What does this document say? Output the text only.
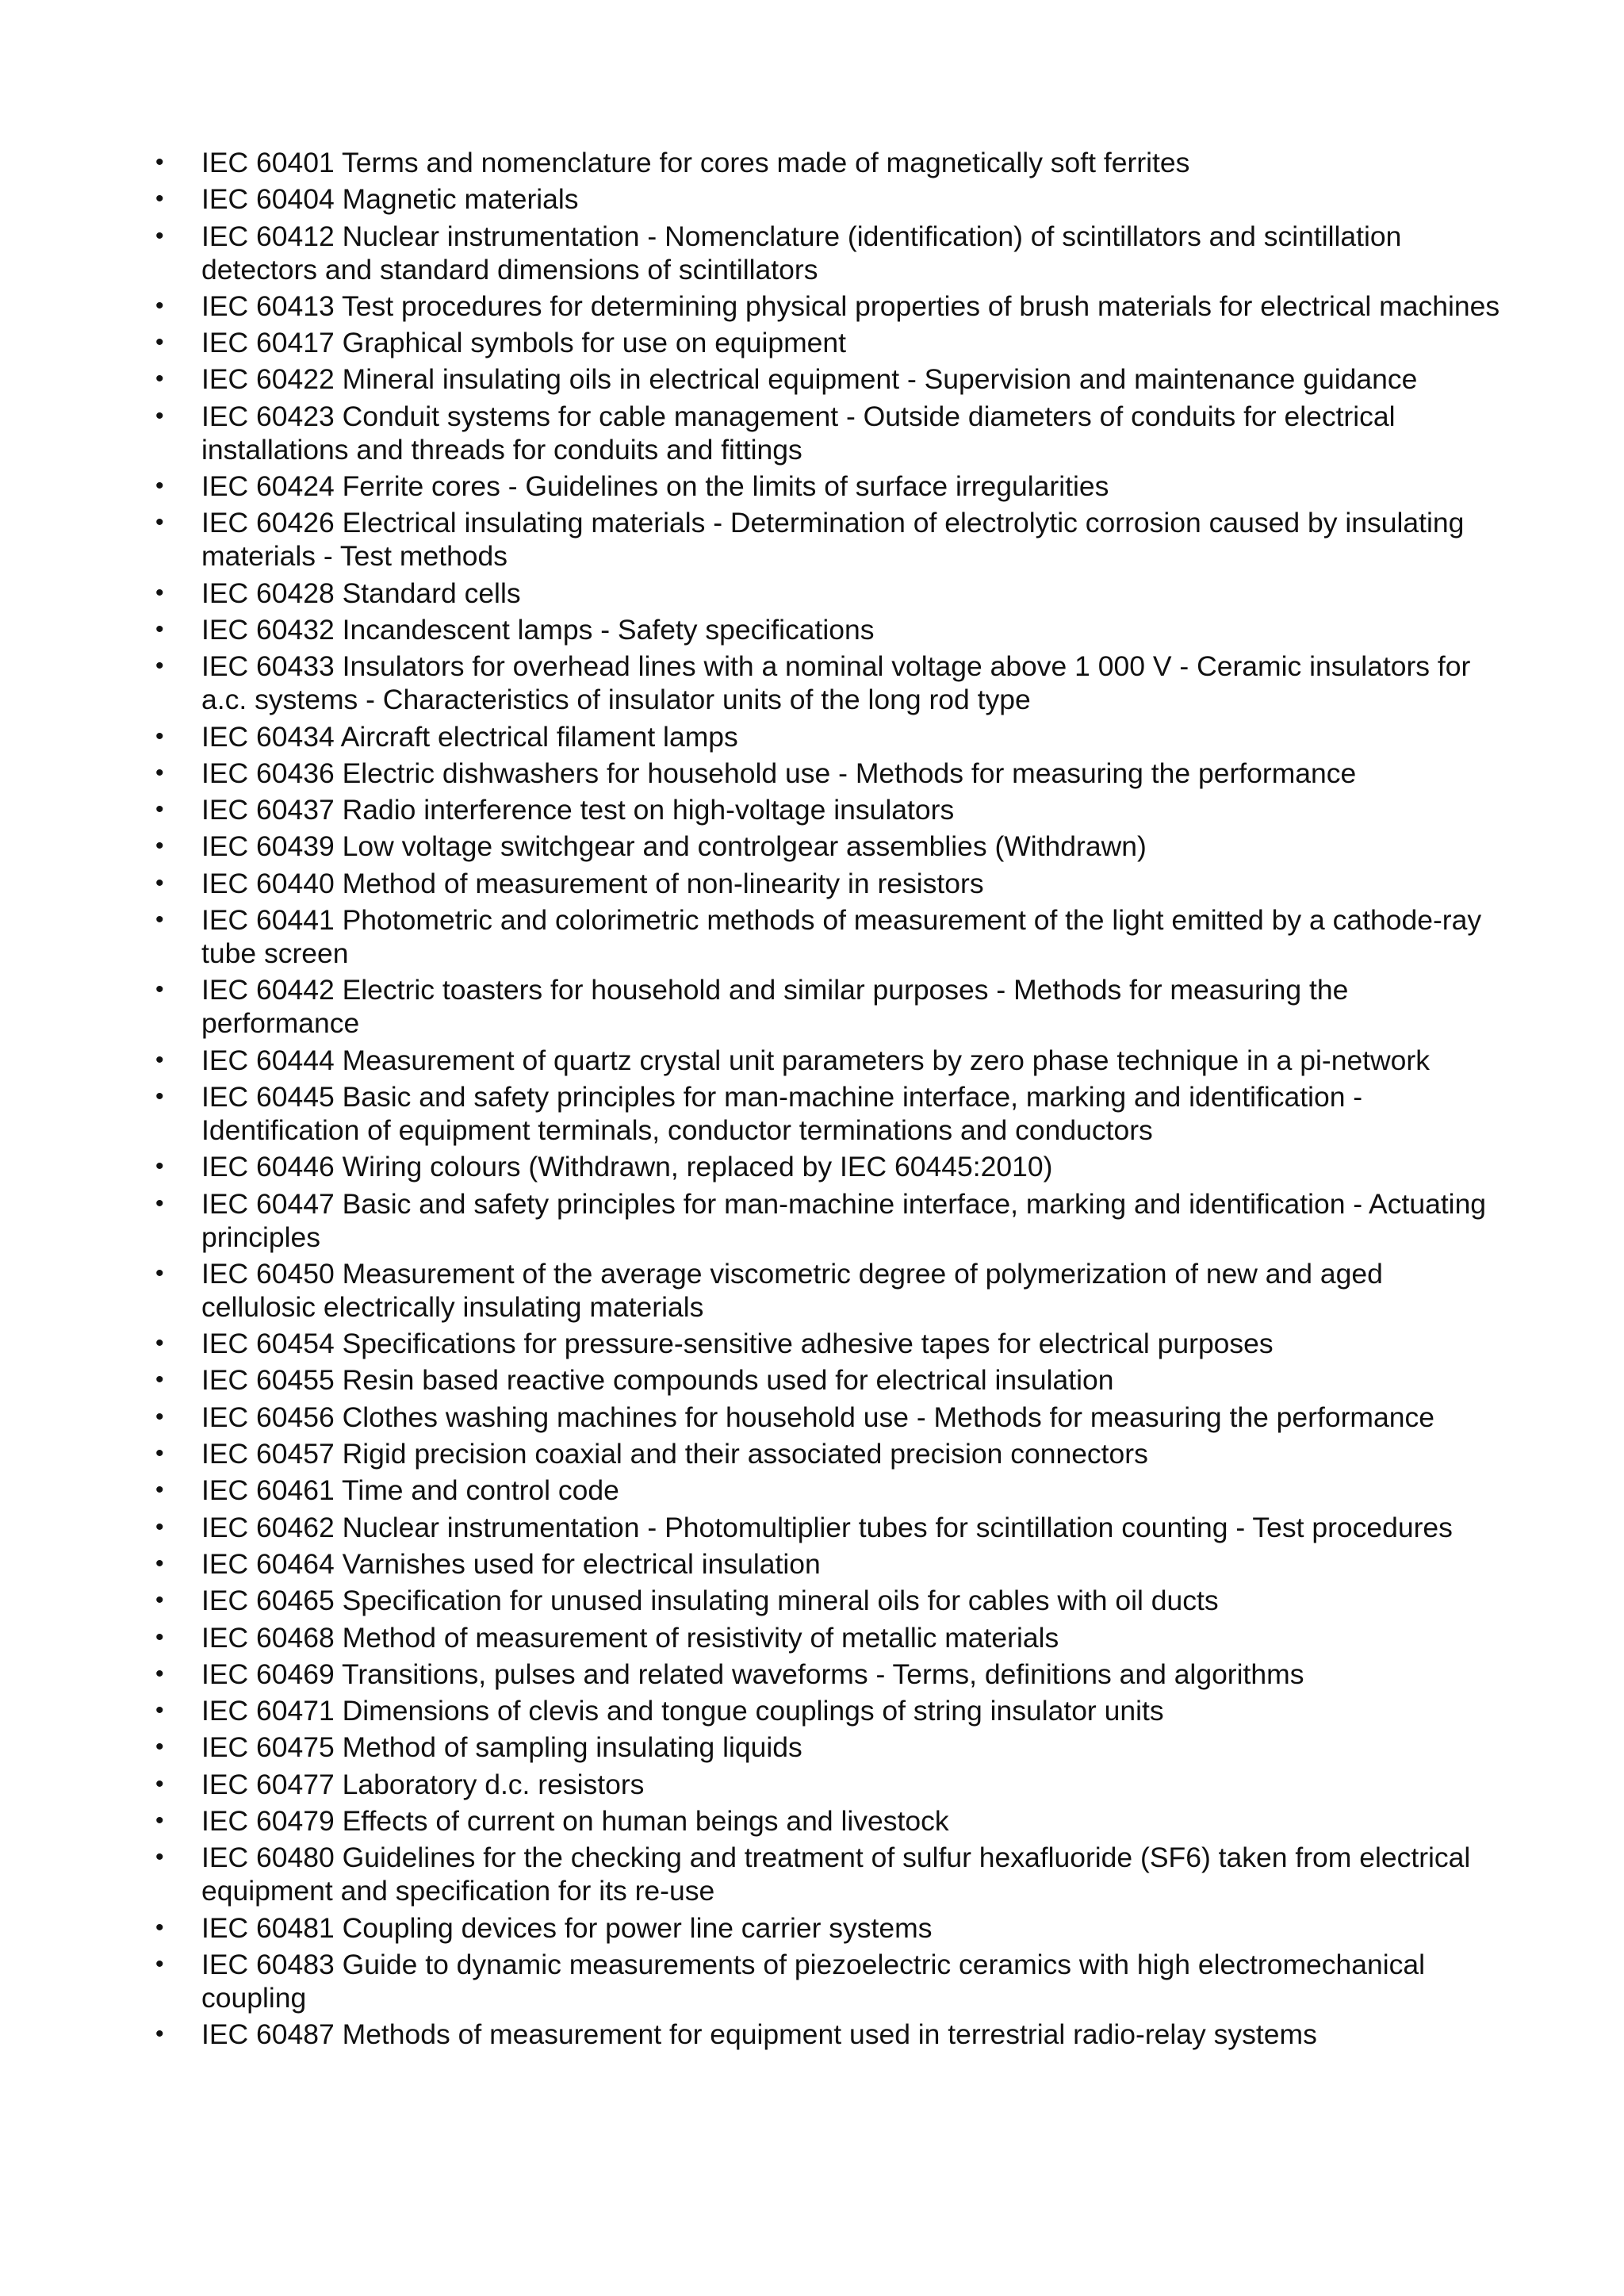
• IEC 60401 Terms and nomenclature for cores made of magnetically soft ferrites
• IEC 60404 Magnetic materials
• IEC 60412 Nuclear instrumentation - Nomenclature (identification) of scintillators and scintillation detectors and standard dimensions of scintillators
• IEC 60413 Test procedures for determining physical properties of brush materials for electrical machines
• IEC 60417 Graphical symbols for use on equipment
• IEC 60422 Mineral insulating oils in electrical equipment - Supervision and maintenance guidance
• IEC 60423 Conduit systems for cable management - Outside diameters of conduits for electrical installations and threads for conduits and fittings
• IEC 60424 Ferrite cores - Guidelines on the limits of surface irregularities
• IEC 60426 Electrical insulating materials - Determination of electrolytic corrosion caused by insulating materials - Test methods
• IEC 60428 Standard cells
• IEC 60432 Incandescent lamps - Safety specifications
• IEC 60433 Insulators for overhead lines with a nominal voltage above 1 000 V - Ceramic insulators for a.c. systems - Characteristics of insulator units of the long rod type
• IEC 60434 Aircraft electrical filament lamps
• IEC 60436 Electric dishwashers for household use - Methods for measuring the performance
• IEC 60437 Radio interference test on high-voltage insulators
• IEC 60439 Low voltage switchgear and controlgear assemblies (Withdrawn)
• IEC 60440 Method of measurement of non-linearity in resistors
• IEC 60441 Photometric and colorimetric methods of measurement of the light emitted by a cathode-ray tube screen
• IEC 60442 Electric toasters for household and similar purposes - Methods for measuring the performance
• IEC 60444 Measurement of quartz crystal unit parameters by zero phase technique in a pi-network
• IEC 60445 Basic and safety principles for man-machine interface, marking and identification - Identification of equipment terminals, conductor terminations and conductors
• IEC 60446 Wiring colours (Withdrawn, replaced by IEC 60445:2010)
• IEC 60447 Basic and safety principles for man-machine interface, marking and identification - Actuating principles
• IEC 60450 Measurement of the average viscometric degree of polymerization of new and aged cellulosic electrically insulating materials
• IEC 60454 Specifications for pressure-sensitive adhesive tapes for electrical purposes
• IEC 60455 Resin based reactive compounds used for electrical insulation
• IEC 60456 Clothes washing machines for household use - Methods for measuring the performance
• IEC 60457 Rigid precision coaxial and their associated precision connectors
• IEC 60461 Time and control code
• IEC 60462 Nuclear instrumentation - Photomultiplier tubes for scintillation counting - Test procedures
• IEC 60464 Varnishes used for electrical insulation
• IEC 60465 Specification for unused insulating mineral oils for cables with oil ducts
• IEC 60468 Method of measurement of resistivity of metallic materials
• IEC 60469 Transitions, pulses and related waveforms - Terms, definitions and algorithms
• IEC 60471 Dimensions of clevis and tongue couplings of string insulator units
• IEC 60475 Method of sampling insulating liquids
• IEC 60477 Laboratory d.c. resistors
• IEC 60479 Effects of current on human beings and livestock
• IEC 60480 Guidelines for the checking and treatment of sulfur hexafluoride (SF6) taken from electrical equipment and specification for its re-use
• IEC 60481 Coupling devices for power line carrier systems
• IEC 60483 Guide to dynamic measurements of piezoelectric ceramics with high electromechanical coupling
• IEC 60487 Methods of measurement for equipment used in terrestrial radio-relay systems
